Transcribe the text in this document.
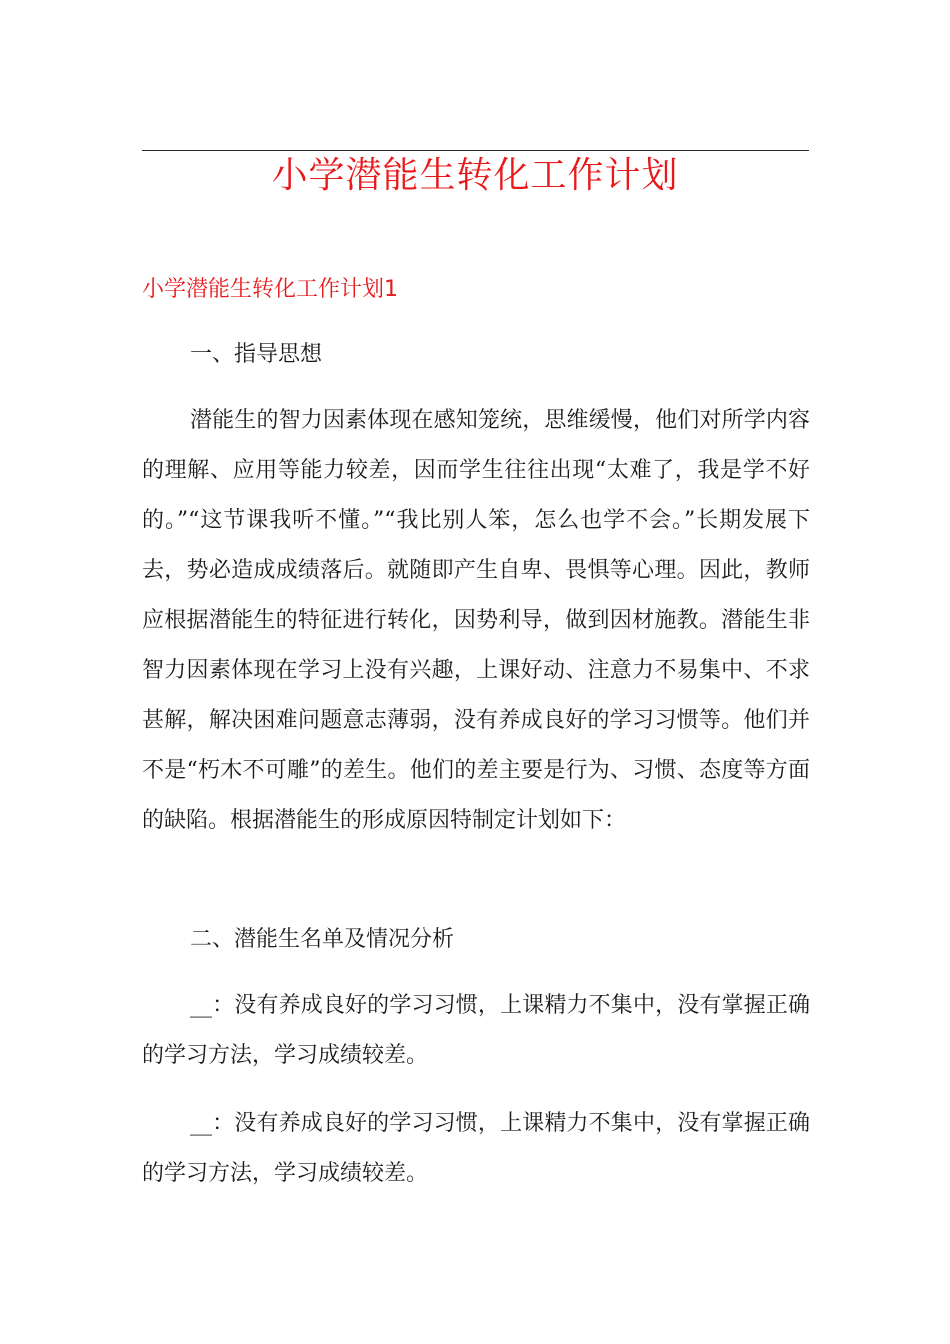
小学潜能生转化工作计划
小学潜能生转化工作计划1
一、指导思想
潜能生的智力因素体现在感知笼统，思维缓慢，他们对所学内容的理解、应用等能力较差，因而学生往往出现“太难了，我是学不好的。”“这节课我听不懂。”“我比别人笨，怎么也学不会。”长期发展下去，势必造成成绩落后。就随即产生自卑、畏惧等心理。因此，教师应根据潜能生的特征进行转化，因势利导，做到因材施教。潜能生非智力因素体现在学习上没有兴趣，上课好动、注意力不易集中、不求甚解，解决困难问题意志薄弱，没有养成良好的学习习惯等。他们并不是“朽木不可雕”的差生。他们的差主要是行为、习惯、态度等方面的缺陷。根据潜能生的形成原因特制定计划如下：
二、潜能生名单及情况分析
__：没有养成良好的学习习惯，上课精力不集中，没有掌握正确的学习方法，学习成绩较差。
__：没有养成良好的学习习惯，上课精力不集中，没有掌握正确的学习方法，学习成绩较差。
